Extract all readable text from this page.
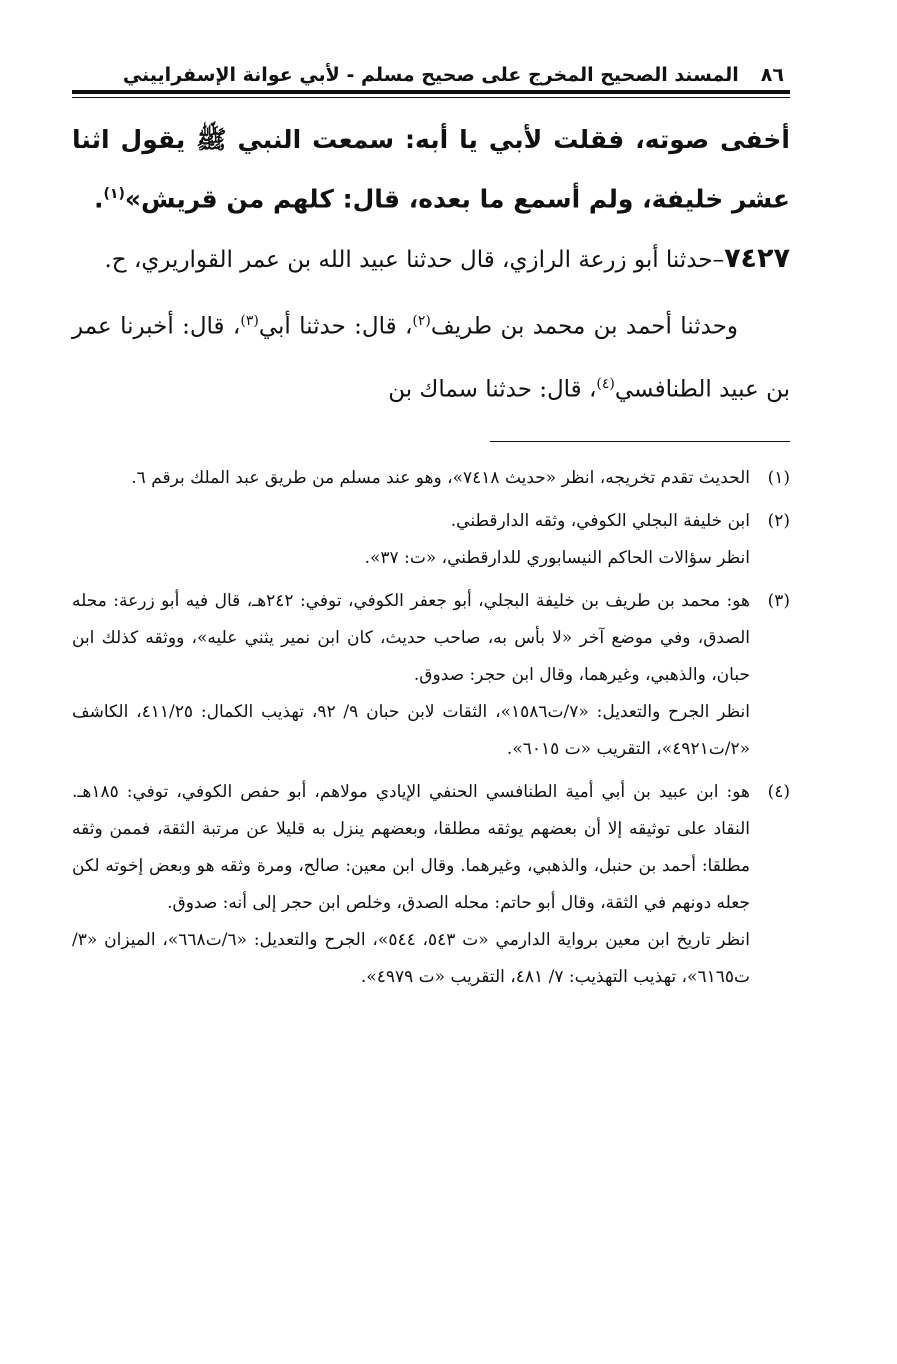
٨٦
المسند الصحيح المخرج على صحيح مسلم - لأبي عوانة الإسفراييني

أخفى صوته، فقلت لأبي يا أبه: سمعت النبي ﷺ يقول اثنا عشر خليفة، ولم أسمع ما بعده، قال: كلهم من قريش»$^{(١)}$.

٧٤٢٧–حدثنا أبو زرعة الرازي، قال حدثنا عبيد الله بن عمر القواريري، ح.

وحدثنا أحمد بن محمد بن طريف$^{(٢)}$، قال: حدثنا أبي$^{(٣)}$، قال: أخبرنا عمر بن عبيد الطنافسي$^{(٤)}$، قال: حدثنا سماك بن

(١)

الحديث تقدم تخريجه، انظر «حديث ٧٤١٨»، وهو عند مسلم من طريق عبد الملك برقم ٦.

(٢)

ابن خليفة البجلي الكوفي، وثقه الدارقطني.

انظر سؤالات الحاكم النيسابوري للدارقطني، «ت: ٣٧».

(٣)

هو: محمد بن طريف بن خليفة البجلي، أبو جعفر الكوفي، توفي: ٢٤٢هـ، قال فيه أبو زرعة: محله الصدق، وفي موضع آخر «لا بأس به، صاحب حديث، كان ابن نمير يثني عليه»، ووثقه كذلك ابن حبان، والذهبي، وغيرهما، وقال ابن حجر: صدوق.

انظر الجرح والتعديل: «٧/ت١٥٨٦»، الثقات لابن حبان ٩/ ٩٢، تهذيب الكمال: ٤١١/٢٥، الكاشف «٢/ت٤٩٢١»، التقريب «ت ٦٠١٥».

(٤)

هو: ابن عبيد بن أبي أمية الطنافسي الحنفي الإيادي مولاهم، أبو حفص الكوفي، توفي: ١٨٥هـ. النقاد على توثيقه إلا أن بعضهم يوثقه مطلقا، وبعضهم ينزل به قليلا عن مرتبة الثقة، فممن وثقه مطلقا: أحمد بن حنبل، والذهبي، وغيرهما. وقال ابن معين: صالح، ومرة وثقه هو وبعض إخوته لكن جعله دونهم في الثقة، وقال أبو حاتم: محله الصدق، وخلص ابن حجر إلى أنه: صدوق.

انظر تاريخ ابن معين برواية الدارمي «ت ٥٤٣، ٥٤٤»، الجرح والتعديل: «٦/ت٦٦٨»، الميزان «٣/ت٦١٦٥»، تهذيب التهذيب: ٧/ ٤٨١، التقريب «ت ٤٩٧٩».
